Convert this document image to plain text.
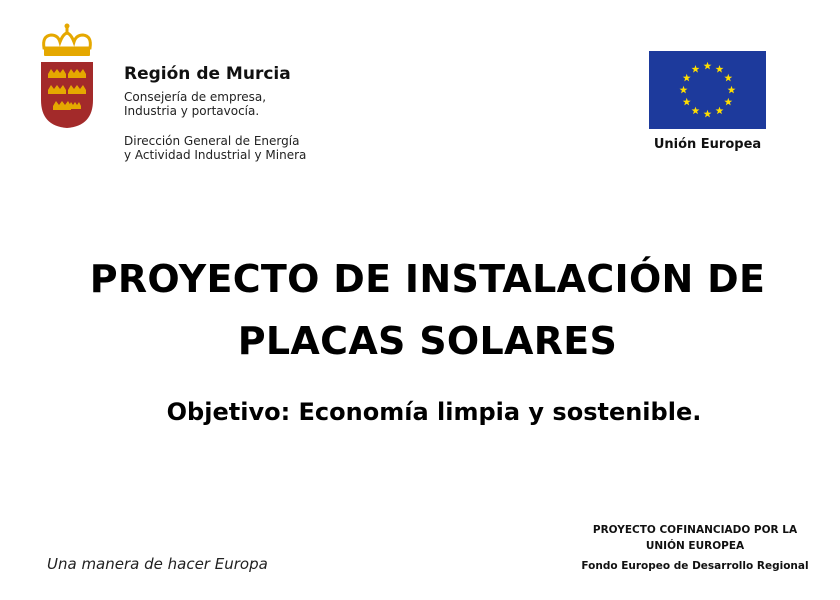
Región de Murcia
Consejería de empresa,
Industria y portavocía.
Dirección General de Energía
y Actividad Industrial y Minera
Unión Europea
PROYECTO DE INSTALACIÓN DE
PLACAS SOLARES
Objetivo: Economía limpia y sostenible.
Una manera de hacer Europa
PROYECTO COFINANCIADO POR LA
UNIÓN EUROPEA
Fondo Europeo de Desarrollo Regional
